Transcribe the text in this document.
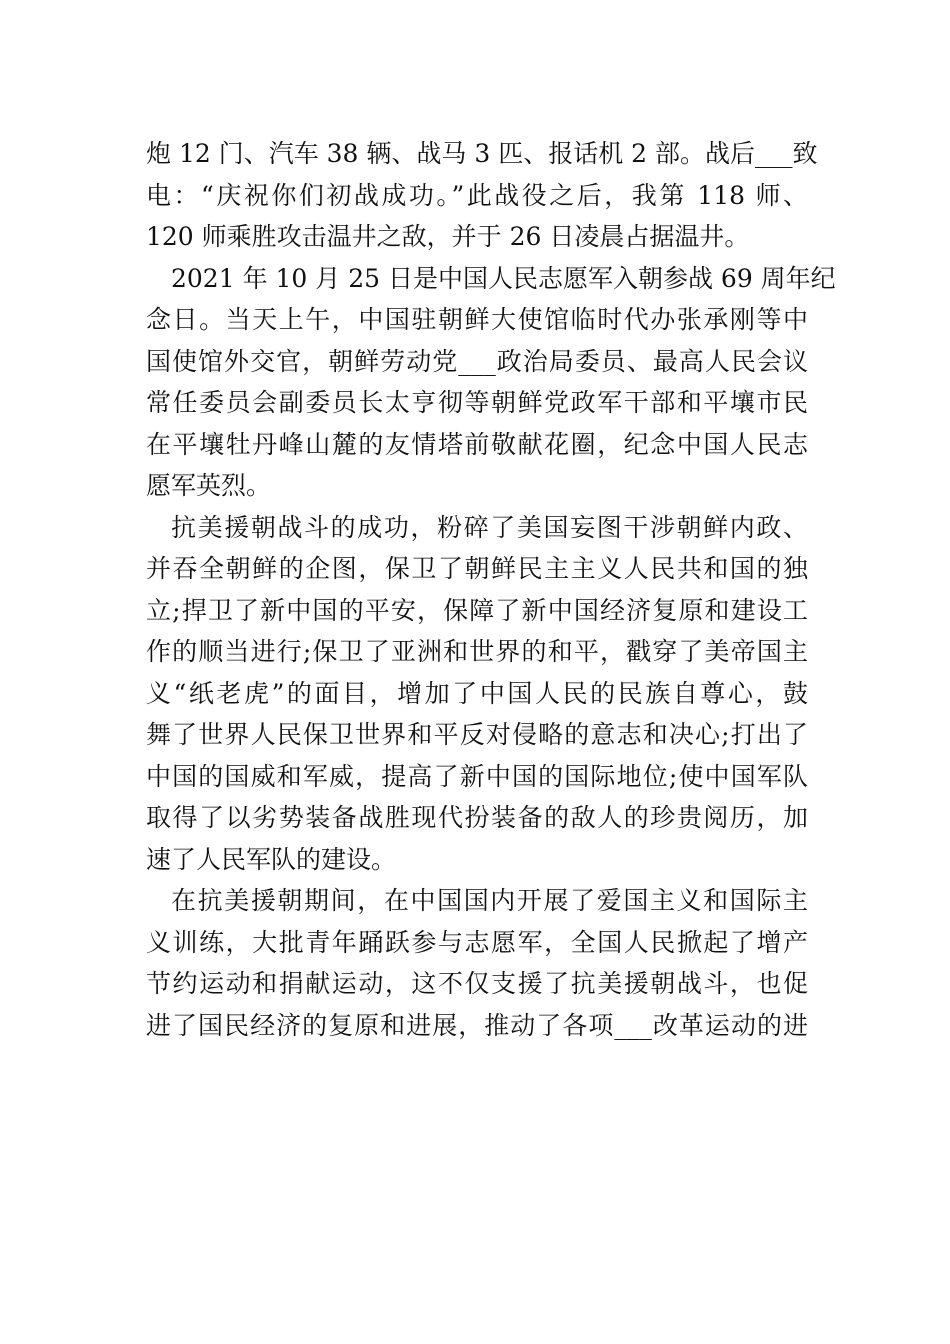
炮 12 门、汽车 38 辆、战马 3 匹、报话机 2 部。战后___致
电：“庆祝你们初战成功。”此战役之后，我第 118 师、
120 师乘胜攻击温井之敌，并于 26 日凌晨占据温井。
2021 年 10 月 25 日是中国人民志愿军入朝参战 69 周年纪
念日。当天上午，中国驻朝鲜大使馆临时代办张承刚等中
国使馆外交官，朝鲜劳动党___政治局委员、最高人民会议
常任委员会副委员长太亨彻等朝鲜党政军干部和平壤市民
在平壤牡丹峰山麓的友情塔前敬献花圈，纪念中国人民志
愿军英烈。
抗美援朝战斗的成功，粉碎了美国妄图干涉朝鲜内政、
并吞全朝鲜的企图，保卫了朝鲜民主主义人民共和国的独
立;捍卫了新中国的平安，保障了新中国经济复原和建设工
作的顺当进行;保卫了亚洲和世界的和平，戳穿了美帝国主
义“纸老虎”的面目，增加了中国人民的民族自尊心，鼓
舞了世界人民保卫世界和平反对侵略的意志和决心;打出了
中国的国威和军威，提高了新中国的国际地位;使中国军队
取得了以劣势装备战胜现代扮装备的敌人的珍贵阅历，加
速了人民军队的建设。
在抗美援朝期间，在中国国内开展了爱国主义和国际主
义训练，大批青年踊跃参与志愿军，全国人民掀起了增产
节约运动和捐献运动，这不仅支援了抗美援朝战斗，也促
进了国民经济的复原和进展，推动了各项___改革运动的进
